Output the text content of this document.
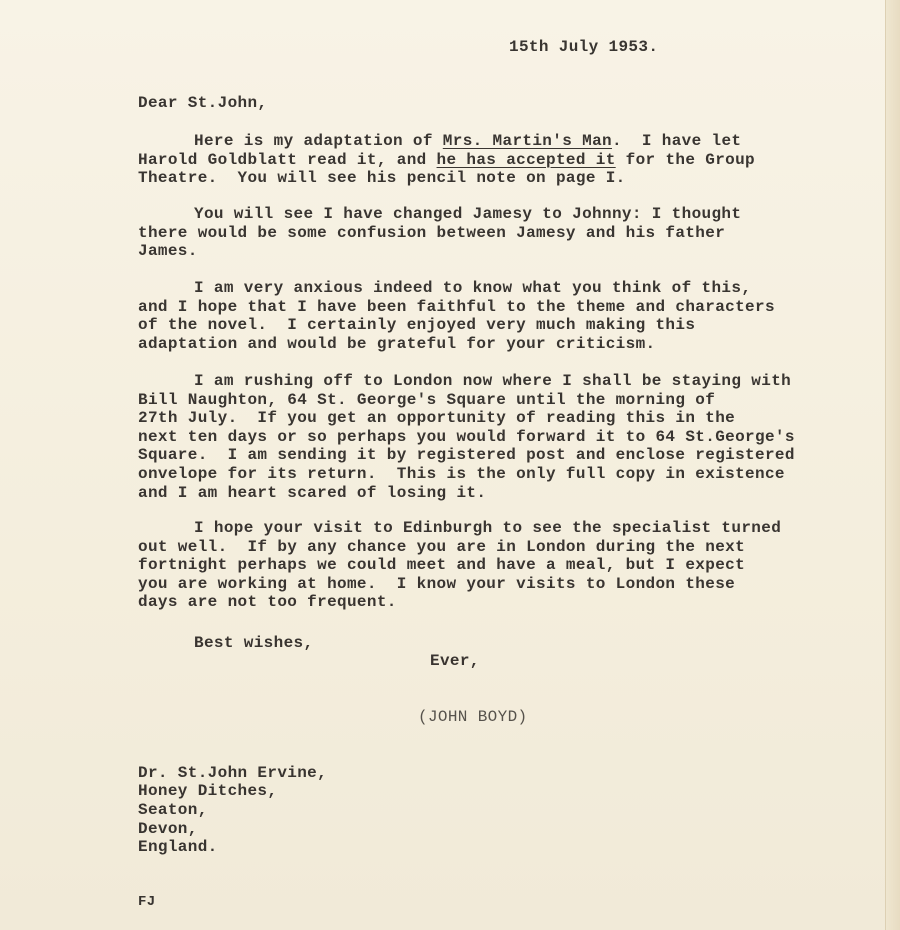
15th July 1953.
Dear St.John,
Here is my adaptation of Mrs. Martin's Man.  I have let
Harold Goldblatt read it, and he has accepted it for the Group
Theatre.  You will see his pencil note on page I.
You will see I have changed Jamesy to Johnny: I thought
there would be some confusion between Jamesy and his father
James.
I am very anxious indeed to know what you think of this,
and I hope that I have been faithful to the theme and characters
of the novel.  I certainly enjoyed very much making this
adaptation and would be grateful for your criticism.
I am rushing off to London now where I shall be staying with
Bill Naughton, 64 St. George's Square until the morning of
27th July.  If you get an opportunity of reading this in the
next ten days or so perhaps you would forward it to 64 St.George's
Square.  I am sending it by registered post and enclose registered
onvelope for its return.  This is the only full copy in existence
and I am heart scared of losing it.
I hope your visit to Edinburgh to see the specialist turned
out well.  If by any chance you are in London during the next
fortnight perhaps we could meet and have a meal, but I expect
you are working at home.  I know your visits to London these
days are not too frequent.
Best wishes,
Ever,
(JOHN BOYD)
Dr. St.John Ervine,
Honey Ditches,
Seaton,
Devon,
England.
FJ
